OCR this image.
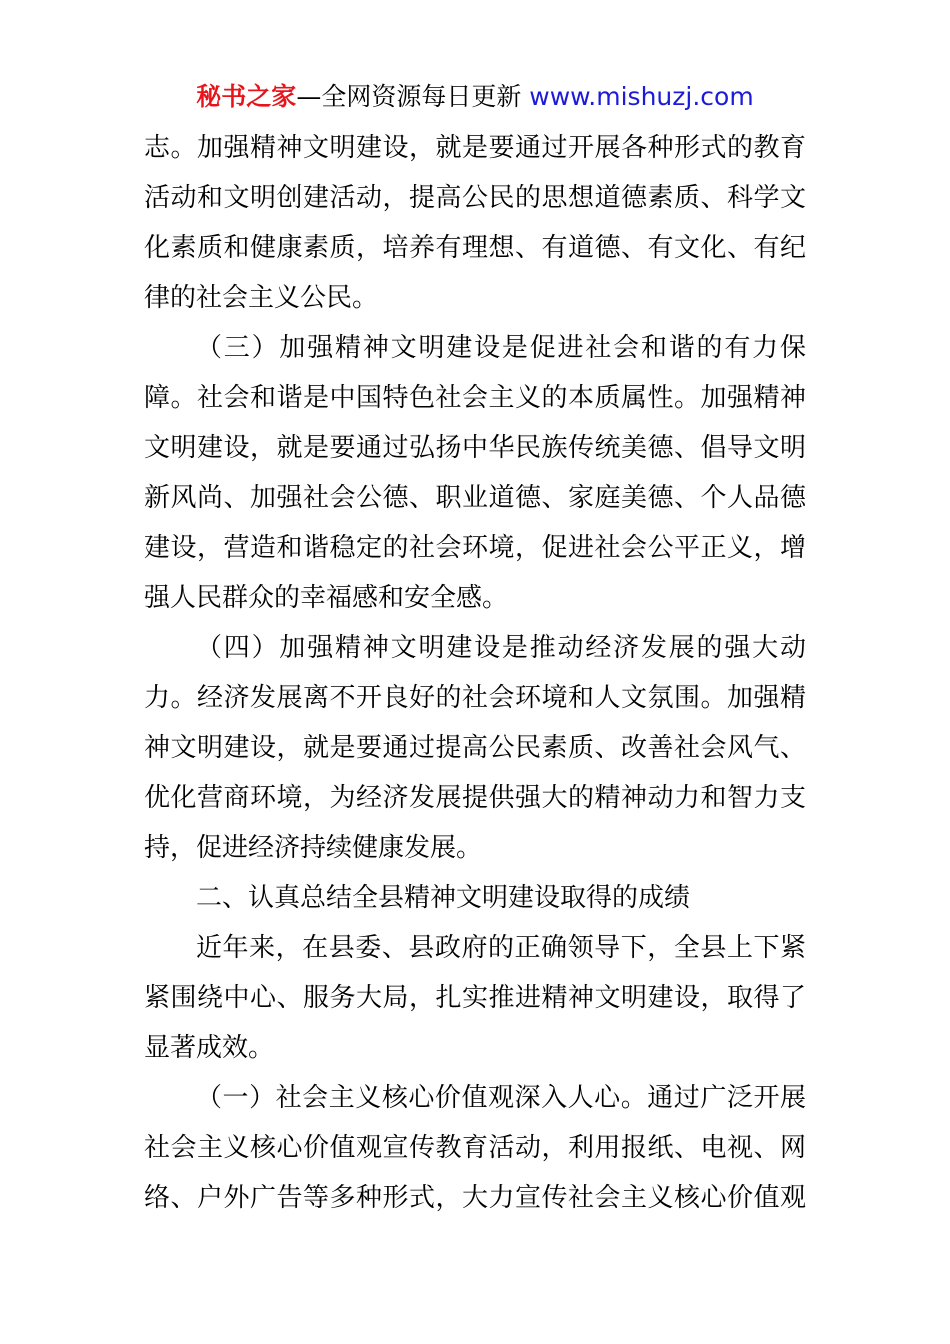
秘书之家—全网资源每日更新 www.mishuzj.com
志。加强精神文明建设，就是要通过开展各种形式的教育
活动和文明创建活动，提高公民的思想道德素质、科学文
化素质和健康素质，培养有理想、有道德、有文化、有纪
律的社会主义公民。
（三）加强精神文明建设是促进社会和谐的有力保
障。社会和谐是中国特色社会主义的本质属性。加强精神
文明建设，就是要通过弘扬中华民族传统美德、倡导文明
新风尚、加强社会公德、职业道德、家庭美德、个人品德
建设，营造和谐稳定的社会环境，促进社会公平正义，增
强人民群众的幸福感和安全感。
（四）加强精神文明建设是推动经济发展的强大动
力。经济发展离不开良好的社会环境和人文氛围。加强精
神文明建设，就是要通过提高公民素质、改善社会风气、
优化营商环境，为经济发展提供强大的精神动力和智力支
持，促进经济持续健康发展。
二、认真总结全县精神文明建设取得的成绩
近年来，在县委、县政府的正确领导下，全县上下紧
紧围绕中心、服务大局，扎实推进精神文明建设，取得了
显著成效。
（一）社会主义核心价值观深入人心。通过广泛开展
社会主义核心价值观宣传教育活动，利用报纸、电视、网
络、户外广告等多种形式，大力宣传社会主义核心价值观
